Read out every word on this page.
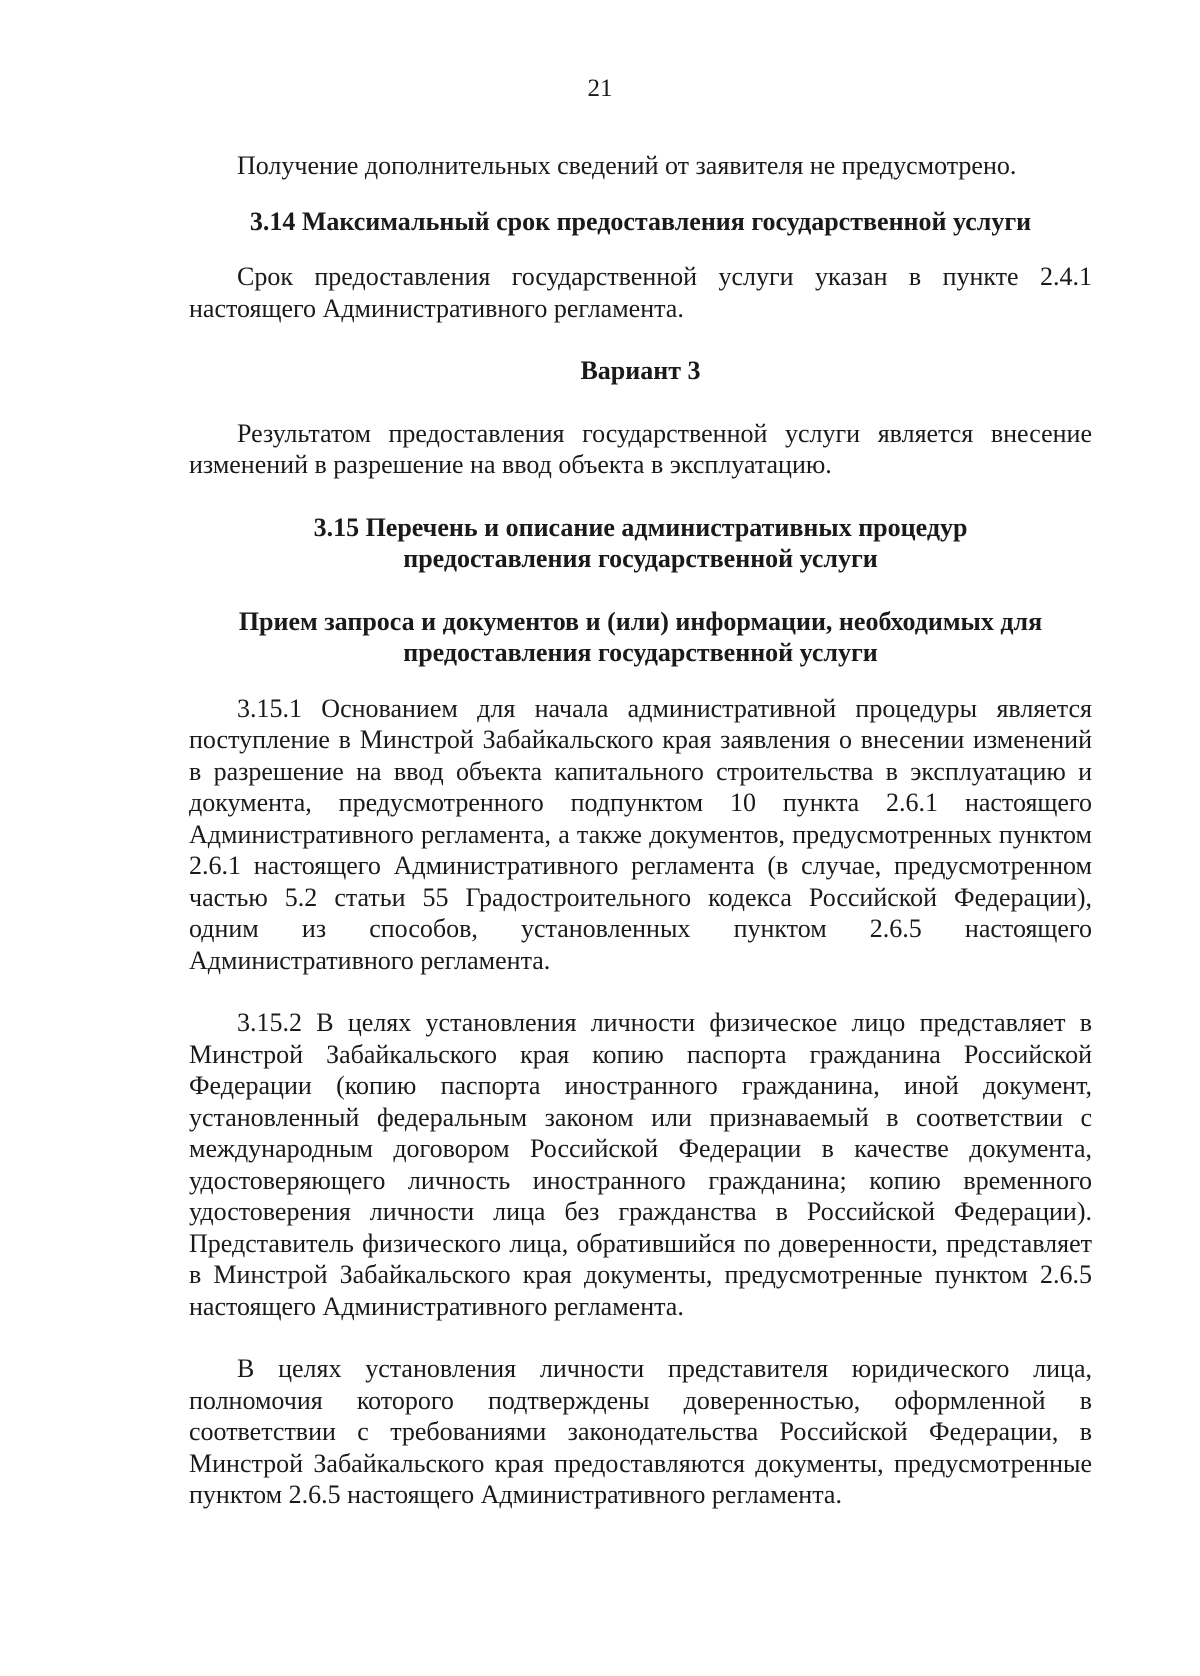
21

Получение дополнительных сведений от заявителя не предусмотрено.

3.14 Максимальный срок предоставления государственной услуги

Срок предоставления государственной услуги указан в пункте 2.4.1 настоящего Административного регламента.

Вариант 3

Результатом предоставления государственной услуги является внесение изменений в разрешение на ввод объекта в эксплуатацию.

3.15 Перечень и описание административных процедур предоставления государственной услуги
Прием запроса и документов и (или) информации, необходимых для предоставления государственной услуги

3.15.1 Основанием для начала административной процедуры является поступление в Минстрой Забайкальского края заявления о внесении изменений в разрешение на ввод объекта капитального строительства в эксплуатацию и документа, предусмотренного подпунктом 10 пункта 2.6.1 настоящего Административного регламента, а также документов, предусмотренных пунктом 2.6.1 настоящего Административного регламента (в случае, предусмотренном частью 5.2 статьи 55 Градостроительного кодекса Российской Федерации), одним из способов, установленных пунктом 2.6.5 настоящего Административного регламента.

3.15.2 В целях установления личности физическое лицо представляет в Минстрой Забайкальского края копию паспорта гражданина Российской Федерации (копию паспорта иностранного гражданина, иной документ, установленный федеральным законом или признаваемый в соответствии с международным договором Российской Федерации в качестве документа, удостоверяющего личность иностранного гражданина; копию временного удостоверения личности лица без гражданства в Российской Федерации). Представитель физического лица, обратившийся по доверенности, представляет в Минстрой Забайкальского края документы, предусмотренные пунктом 2.6.5 настоящего Административного регламента.

В целях установления личности представителя юридического лица, полномочия которого подтверждены доверенностью, оформленной в соответствии с требованиями законодательства Российской Федерации, в Минстрой Забайкальского края предоставляются документы, предусмотренные пунктом 2.6.5 настоящего Административного регламента.
